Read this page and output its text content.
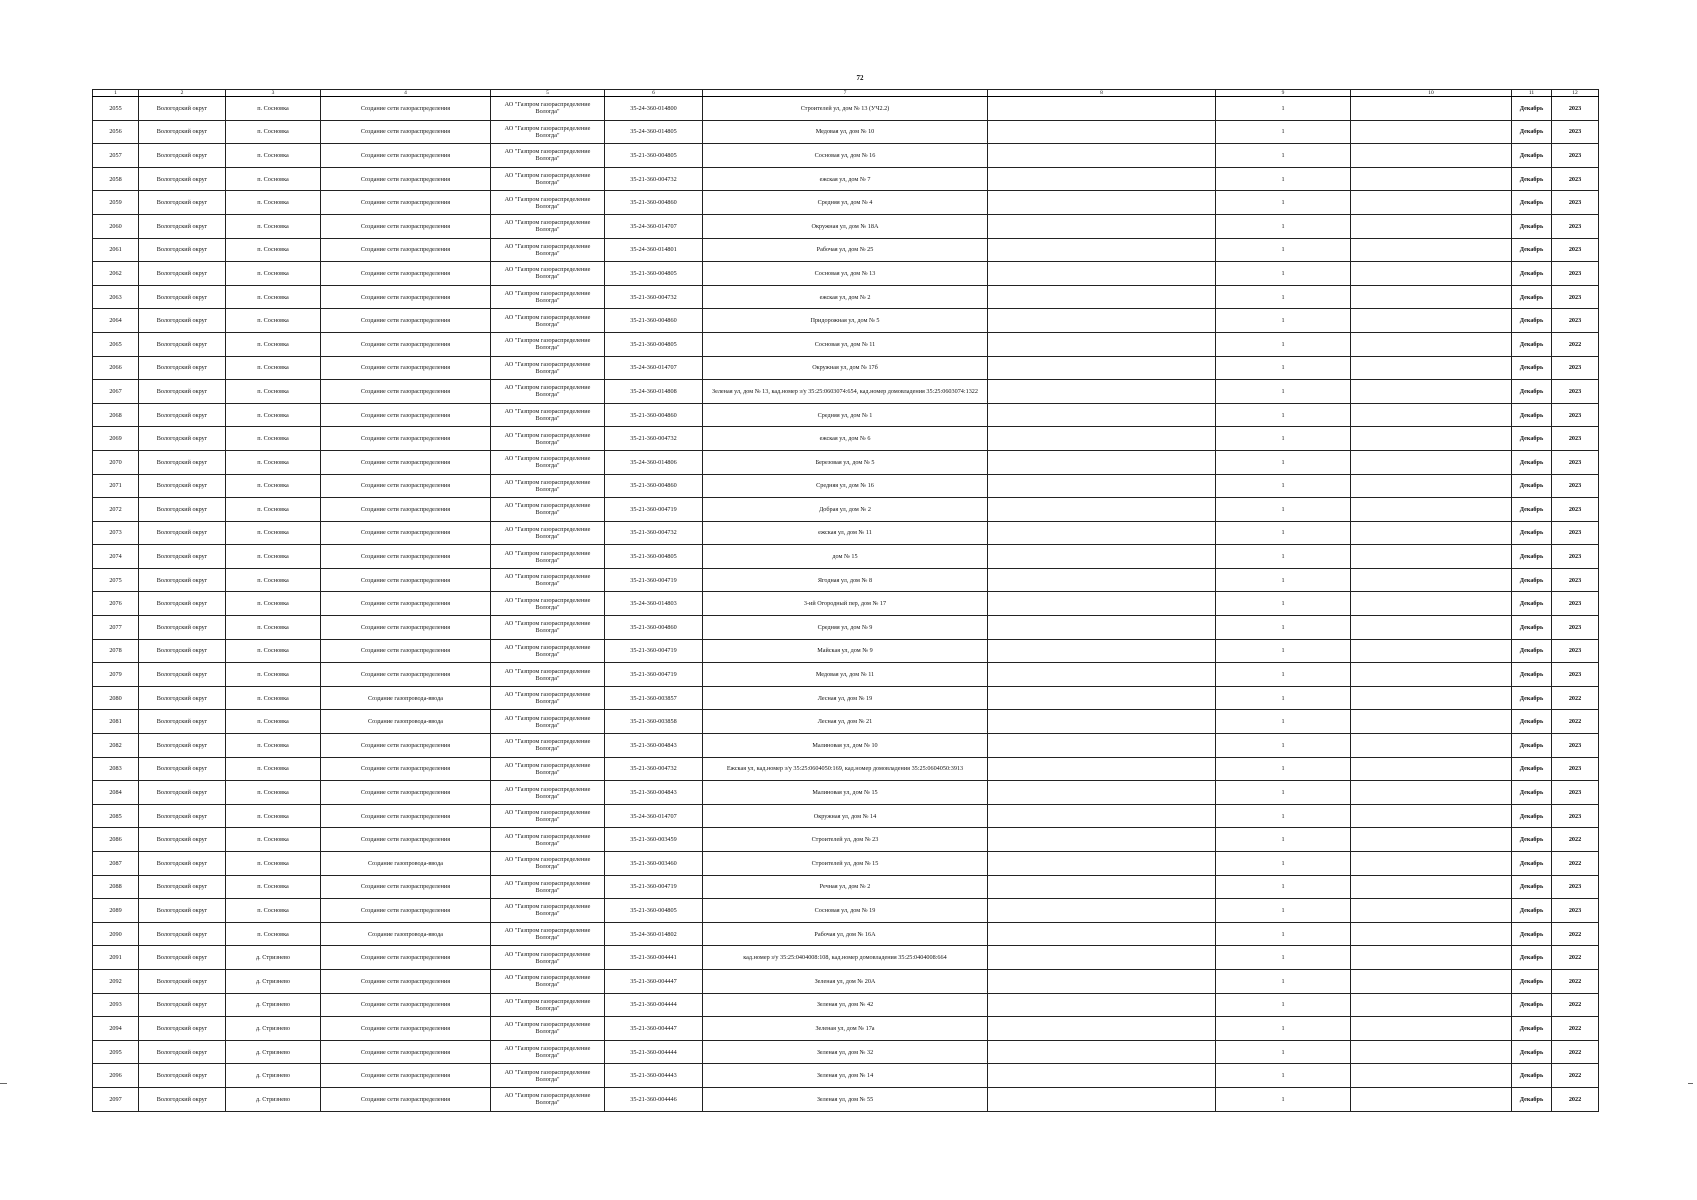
72
1	2	3	4	5	6	7	8	9	10	11	12
2055	Вологодский округ	п. Сосновка	Создание сети газораспределения	АО "Газпром газораспределение Вологда"	35-24-360-014800	Строителей ул, дом № 13 (УЧ2.2)		1		Декабрь	2023
2056	Вологодский округ	п. Сосновка	Создание сети газораспределения	АО "Газпром газораспределение Вологда"	35-24-360-014805	Медовая ул, дом № 10		1		Декабрь	2023
2057	Вологодский округ	п. Сосновка	Создание сети газораспределения	АО "Газпром газораспределение Вологда"	35-21-360-004805	Сосновая ул, дом № 16		1		Декабрь	2023
2058	Вологодский округ	п. Сосновка	Создание сети газораспределения	АО "Газпром газораспределение Вологда"	35-21-360-004732	ежская ул, дом № 7		1		Декабрь	2023
2059	Вологодский округ	п. Сосновка	Создание сети газораспределения	АО "Газпром газораспределение Вологда"	35-21-360-004860	Средняя ул, дом № 4		1		Декабрь	2023
2060	Вологодский округ	п. Сосновка	Создание сети газораспределения	АО "Газпром газораспределение Вологда"	35-24-360-014707	Окружная ул, дом № 18А		1		Декабрь	2023
2061	Вологодский округ	п. Сосновка	Создание сети газораспределения	АО "Газпром газораспределение Вологда"	35-24-360-014801	Рабочая ул, дом № 25		1		Декабрь	2023
2062	Вологодский округ	п. Сосновка	Создание сети газораспределения	АО "Газпром газораспределение Вологда"	35-21-360-004805	Сосновая ул, дом № 13		1		Декабрь	2023
2063	Вологодский округ	п. Сосновка	Создание сети газораспределения	АО "Газпром газораспределение Вологда"	35-21-360-004732	ежская ул, дом № 2		1		Декабрь	2023
2064	Вологодский округ	п. Сосновка	Создание сети газораспределения	АО "Газпром газораспределение Вологда"	35-21-360-004860	Придорожная ул, дом № 5		1		Декабрь	2023
2065	Вологодский округ	п. Сосновка	Создание сети газораспределения	АО "Газпром газораспределение Вологда"	35-21-360-004805	Сосновая ул, дом № 11		1		Декабрь	2022
2066	Вологодский округ	п. Сосновка	Создание сети газораспределения	АО "Газпром газораспределение Вологда"	35-24-360-014707	Окружная ул, дом № 17б		1		Декабрь	2023
2067	Вологодский округ	п. Сосновка	Создание сети газораспределения	АО "Газпром газораспределение Вологда"	35-24-360-014808	Зеленая ул, дом № 13, кад.номер з/у 35:25:0603074:654, кад.номер домовладения 35:25:0603074:1322		1		Декабрь	2023
2068	Вологодский округ	п. Сосновка	Создание сети газораспределения	АО "Газпром газораспределение Вологда"	35-21-360-004860	Средняя ул, дом № 1		1		Декабрь	2023
2069	Вологодский округ	п. Сосновка	Создание сети газораспределения	АО "Газпром газораспределение Вологда"	35-21-360-004732	ежская ул, дом № 6		1		Декабрь	2023
2070	Вологодский округ	п. Сосновка	Создание сети газораспределения	АО "Газпром газораспределение Вологда"	35-24-360-014806	Березовая ул, дом № 5		1		Декабрь	2023
2071	Вологодский округ	п. Сосновка	Создание сети газораспределения	АО "Газпром газораспределение Вологда"	35-21-360-004860	Средняя ул, дом № 16		1		Декабрь	2023
2072	Вологодский округ	п. Сосновка	Создание сети газораспределения	АО "Газпром газораспределение Вологда"	35-21-360-004719	Добрая ул, дом № 2		1		Декабрь	2023
2073	Вологодский округ	п. Сосновка	Создание сети газораспределения	АО "Газпром газораспределение Вологда"	35-21-360-004732	ежская ул, дом № 11		1		Декабрь	2023
2074	Вологодский округ	п. Сосновка	Создание сети газораспределения	АО "Газпром газораспределение Вологда"	35-21-360-004805	дом № 15		1		Декабрь	2023
2075	Вологодский округ	п. Сосновка	Создание сети газораспределения	АО "Газпром газораспределение Вологда"	35-21-360-004719	Ягодная ул, дом № 8		1		Декабрь	2023
2076	Вологодский округ	п. Сосновка	Создание сети газораспределения	АО "Газпром газораспределение Вологда"	35-24-360-014803	3-ий Огородный пер, дом № 17		1		Декабрь	2023
2077	Вологодский округ	п. Сосновка	Создание сети газораспределения	АО "Газпром газораспределение Вологда"	35-21-360-004860	Средняя ул, дом № 9		1		Декабрь	2023
2078	Вологодский округ	п. Сосновка	Создание сети газораспределения	АО "Газпром газораспределение Вологда"	35-21-360-004719	Майская ул, дом № 9		1		Декабрь	2023
2079	Вологодский округ	п. Сосновка	Создание сети газораспределения	АО "Газпром газораспределение Вологда"	35-21-360-004719	Медовая ул, дом № 11		1		Декабрь	2023
2080	Вологодский округ	п. Сосновка	Создание газопровода-ввода	АО "Газпром газораспределение Вологда"	35-21-360-003857	Лесная ул, дом № 19		1		Декабрь	2022
2081	Вологодский округ	п. Сосновка	Создание газопровода-ввода	АО "Газпром газораспределение Вологда"	35-21-360-003858	Лесная ул, дом № 21		1		Декабрь	2022
2082	Вологодский округ	п. Сосновка	Создание сети газораспределения	АО "Газпром газораспределение Вологда"	35-21-360-004843	Малиновая ул, дом № 10		1		Декабрь	2023
2083	Вологодский округ	п. Сосновка	Создание сети газораспределения	АО "Газпром газораспределение Вологда"	35-21-360-004732	Ежская ул, кад.номер з/у 35:25:0604050:169, кад.номер домовладения 35:25:0604050:3913		1		Декабрь	2023
2084	Вологодский округ	п. Сосновка	Создание сети газораспределения	АО "Газпром газораспределение Вологда"	35-21-360-004843	Малиновая ул, дом № 15		1		Декабрь	2023
2085	Вологодский округ	п. Сосновка	Создание сети газораспределения	АО "Газпром газораспределение Вологда"	35-24-360-014707	Окружная ул, дом № 14		1		Декабрь	2023
2086	Вологодский округ	п. Сосновка	Создание сети газораспределения	АО "Газпром газораспределение Вологда"	35-21-360-003459	Строителей ул, дом № 23		1		Декабрь	2022
2087	Вологодский округ	п. Сосновка	Создание газопровода-ввода	АО "Газпром газораспределение Вологда"	35-21-360-003460	Строителей ул, дом № 15		1		Декабрь	2022
2088	Вологодский округ	п. Сосновка	Создание сети газораспределения	АО "Газпром газораспределение Вологда"	35-21-360-004719	Речная ул, дом № 2		1		Декабрь	2023
2089	Вологодский округ	п. Сосновка	Создание сети газораспределения	АО "Газпром газораспределение Вологда"	35-21-360-004805	Сосновая ул, дом № 19		1		Декабрь	2023
2090	Вологодский округ	п. Сосновка	Создание газопровода-ввода	АО "Газпром газораспределение Вологда"	35-24-360-014802	Рабочая ул, дом № 16А		1		Декабрь	2022
2091	Вологодский округ	д. Стризнево	Создание сети газораспределения	АО "Газпром газораспределение Вологда"	35-21-360-004441	кад.номер з/у 35:25:0404008:108, кад.номер домовладения 35:25:0404008:664		1		Декабрь	2022
2092	Вологодский округ	д. Стризнево	Создание сети газораспределения	АО "Газпром газораспределение Вологда"	35-21-360-004447	Зеленая ул, дом № 20А		1		Декабрь	2022
2093	Вологодский округ	д. Стризнево	Создание сети газораспределения	АО "Газпром газораспределение Вологда"	35-21-360-004444	Зеленая ул, дом № 42		1		Декабрь	2022
2094	Вологодский округ	д. Стризнево	Создание сети газораспределения	АО "Газпром газораспределение Вологда"	35-21-360-004447	Зеленая ул, дом № 17а		1		Декабрь	2022
2095	Вологодский округ	д. Стризнево	Создание сети газораспределения	АО "Газпром газораспределение Вологда"	35-21-360-004444	Зеленая ул, дом № 32		1		Декабрь	2022
2096	Вологодский округ	д. Стризнево	Создание сети газораспределения	АО "Газпром газораспределение Вологда"	35-21-360-004443	Зеленая ул, дом № 14		1		Декабрь	2022
2097	Вологодский округ	д. Стризнево	Создание сети газораспределения	АО "Газпром газораспределение Вологда"	35-21-360-004446	Зеленая ул, дом № 55		1		Декабрь	2022
